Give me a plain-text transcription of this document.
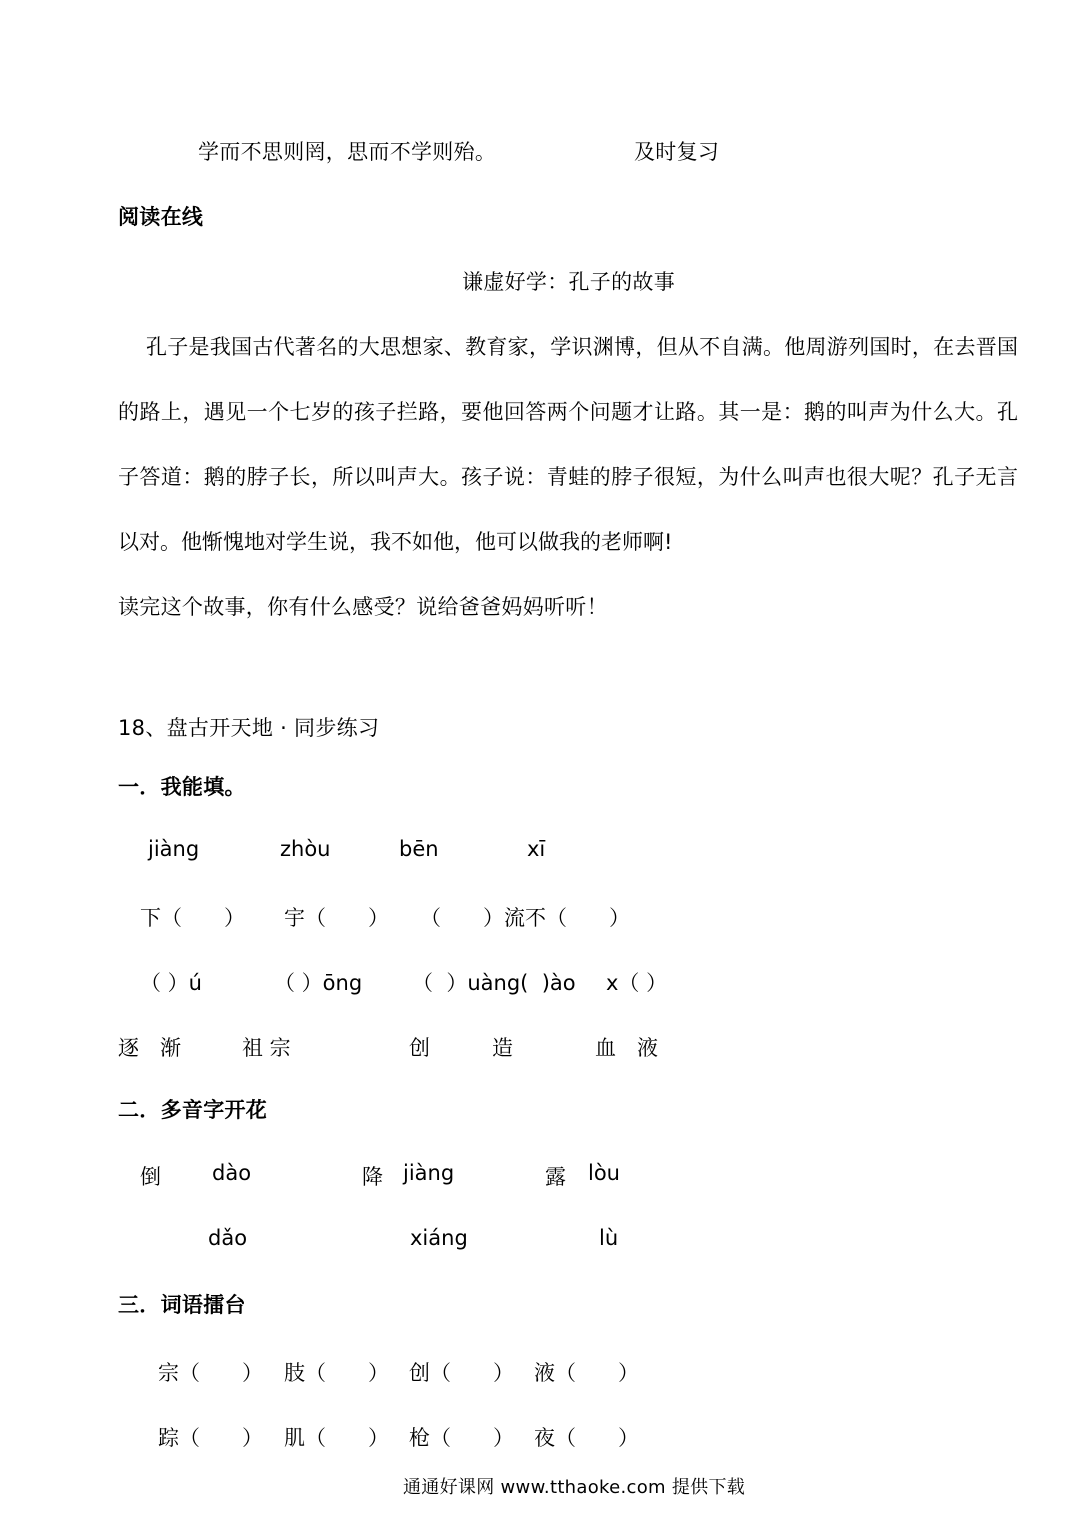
学而不思则罔，思而不学则殆。	及时复习
阅读在线
谦虚好学：孔子的故事
孔子是我国古代著名的大思想家、教育家，学识渊博，但从不自满。他周游列国时，在去晋国的路上，遇见一个七岁的孩子拦路，要他回答两个问题才让路。其一是：鹅的叫声为什么大。孔子答道：鹅的脖子长，所以叫声大。孩子说：青蛙的脖子很短，为什么叫声也很大呢？孔子无言以对。他惭愧地对学生说，我不如他，他可以做我的老师啊!
读完这个故事，你有什么感受？说给爸爸妈妈听听！
18、盘古开天地 · 同步练习
一．我能填。
jiàng	zhòu	bēn	xī
下（　　） 宇（　　） （　　）流不（　　）
（ ）ú	（ ）ōng （  ）uàng(  )ào x（ ）
逐　渐	祖 宗	创	造	血　液
二．多音字开花
倒 dào	降 jiàng	露 lòu
dǎo	xiáng	lù
三．词语擂台
宗（　　） 肢（　　） 创（　　） 液（　　）
踪（　　） 肌（　　） 枪（　　） 夜（　　）
通通好课网 www.tthaoke.com 提供下载
